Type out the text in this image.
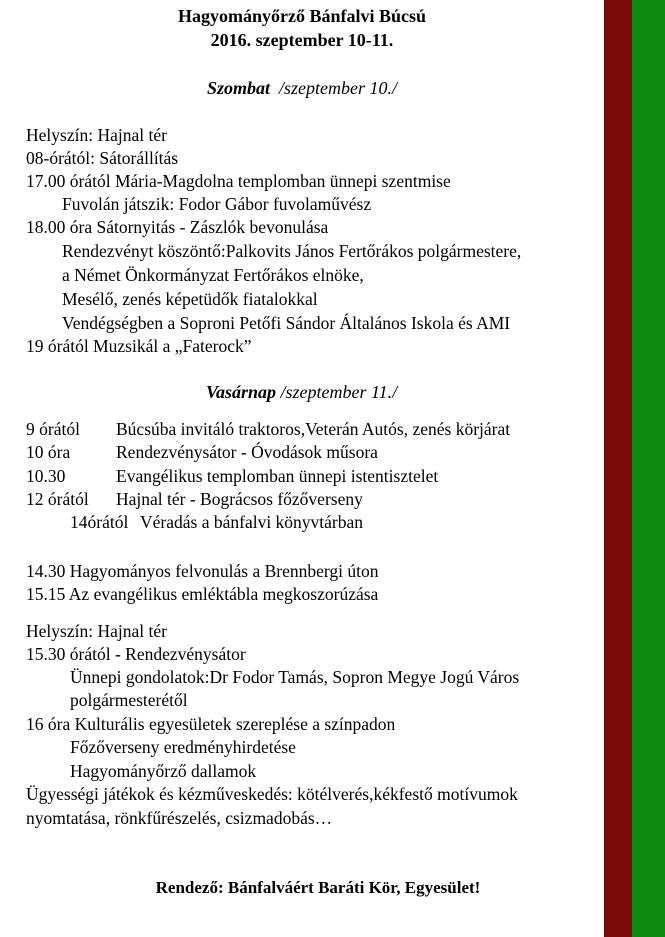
Hagyományőrző Bánfalvi Búcsú
2016. szeptember 10-11.
Szombat /szeptember 10./
Helyszín: Hajnal tér
08-órától: Sátorállítás
17.00 órától Mária-Magdolna templomban ünnepi szentmise
Fuvolán játszik: Fodor Gábor fuvolaművész
18.00 óra Sátornyitás - Zászlók bevonulása
Rendezvényt köszöntő:Palkovits János Fertőrákos polgármestere,
a Német Önkormányzat Fertőrákos elnöke,
Mesélő, zenés képetüdők fiatalokkal
Vendégségben a Soproni Petőfi Sándor Általános Iskola és AMI
19 órától Muzsikál a „Faterock”
Vasárnap /szeptember 11./
9 órától Búcsúba invitáló traktoros,Veterán Autós, zenés körjárat
10 óra	Rendezvénysátor - Óvodások műsora
10.30	Evangélikus templomban ünnepi istentisztelet
12 órától Hajnal tér - Bográcsos főzőverseny
14órától Véradás a bánfalvi könyvtárban
14.30 Hagyományos felvonulás a Brennbergi úton
15.15 Az evangélikus emléktábla megkoszorúzása
Helyszín: Hajnal tér
15.30 órától - Rendezvénysátor
Ünnepi gondolatok:Dr Fodor Tamás, Sopron Megye Jogú Város
polgármesterétől
16 óra Kulturális egyesületek szereplése a színpadon
Főzőverseny eredményhirdetése
Hagyományőrző dallamok
Ügyességi játékok és kézműveskedés: kötélverés,kékfestő motívumok
nyomtatása, rönkfűrészelés, csizmadobás…
Rendező: Bánfalváért Baráti Kör, Egyesület!
